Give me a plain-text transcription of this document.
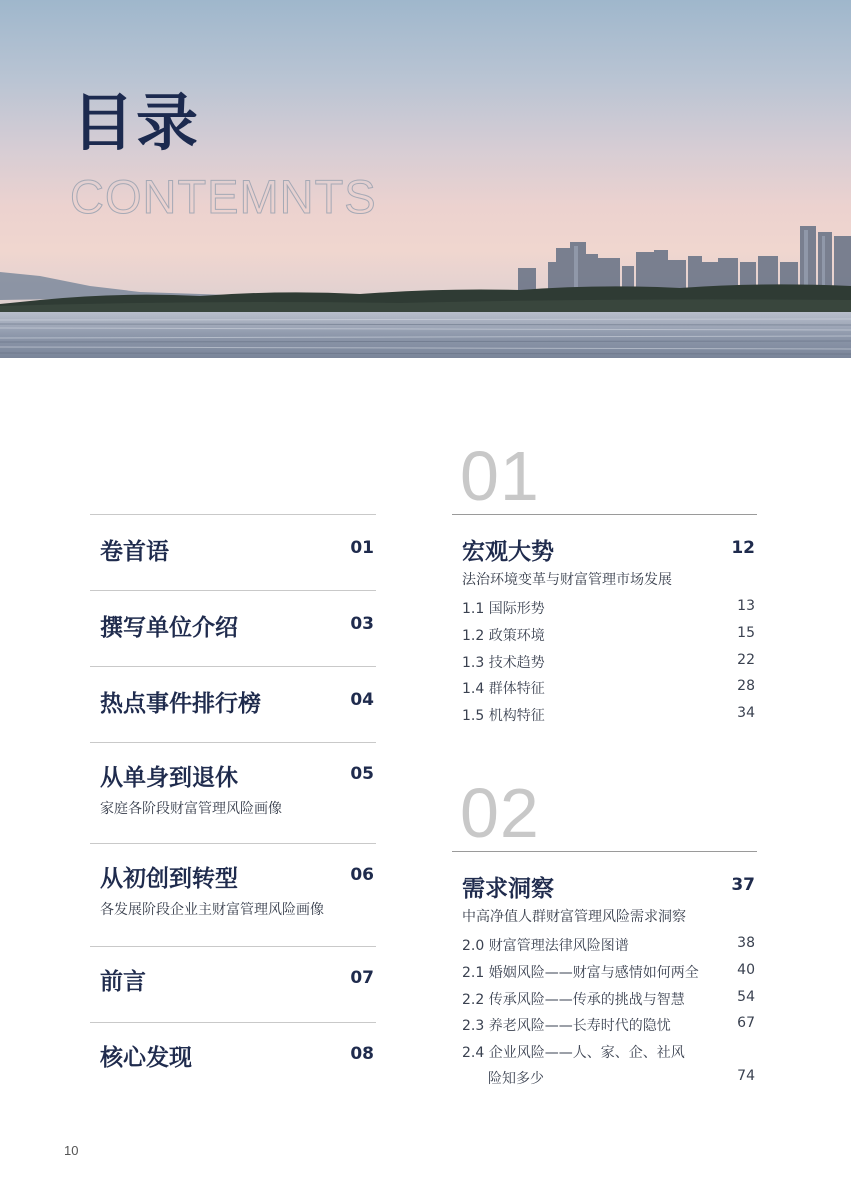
目录
CONTEMNTS
卷首语	01
撰写单位介绍	03
热点事件排行榜	04
从单身到退休	05
家庭各阶段财富管理风险画像
从初创到转型	06
各发展阶段企业主财富管理风险画像
前言	07
核心发现	08
01
宏观大势	12
法治环境变革与财富管理市场发展
1.1 国际形势	13
1.2 政策环境	15
1.3 技术趋势	22
1.4 群体特征	28
1.5 机构特征	34
02
需求洞察	37
中高净值人群财富管理风险需求洞察
2.0 财富管理法律风险图谱	38
2.1 婚姻风险——财富与感情如何两全	40
2.2 传承风险——传承的挑战与智慧	54
2.3 养老风险——长寿时代的隐忧	67
2.4 企业风险——人、家、企、社风
险知多少	74
10
